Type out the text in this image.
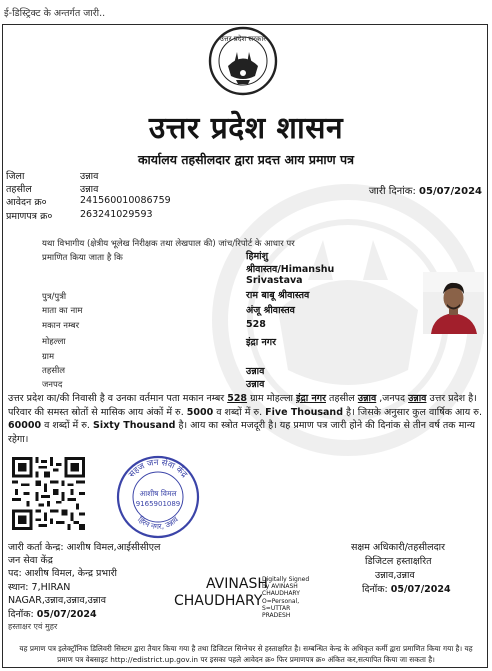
ई-डिस्ट्रिक्ट के अन्तर्गत जारी..
उत्तर प्रदेश सरकार
उत्तर प्रदेश शासन
कार्यालय तहसीलदार द्वारा प्रदत्त आय प्रमाण पत्र
जिला	उन्नाव
तहसील	उन्नाव
आवेदन क्र०	241560010086759
प्रमाणपत्र क्र०	263241029593
जारी दिनांक: 05/07/2024
यथा विभागीय (क्षेत्रीय भूलेख निरीक्षक तथा लेखपाल की) जांच/रिपोर्ट के आधार पर
प्रमाणित किया जाता है कि	हिमांशु
श्रीवास्तव/Himanshu
Srivastava
पुत्र/पुत्री	राम बाबू श्रीवास्तव
माता का नाम	अंजू श्रीवास्तव
मकान नम्बर	528
मोहल्ला	इंद्रा नगर
ग्राम
तहसील	उन्नाव
जनपद	उन्नाव
उत्तर प्रदेश का/की निवासी है व उनका वर्तमान पता मकान नम्बर 528 ग्राम मोहल्ला इंद्रा नगर तहसील उन्नाव ,जनपद उन्नाव उत्तर प्रदेश है। परिवार की समस्त स्रोतों से मासिक आय अंकों में रु. 5000 व शब्दों में रु. Five Thousand है। जिसके अनुसार कुल वार्षिक आय रु. 60000 व शब्दों में रु. Sixty Thousand है। आय का स्त्रोत मजदूरी है। यह प्रमाण पत्र जारी होने की दिनांक से तीन वर्ष तक मान्य रहेगा।
सहज जन सेवा केंद्र
हिरन नगर, उन्नाव
आशीष विमल
9165901089
जारी कर्ता केन्द्र: आशीष विमल,आईसीसीएल
जन सेवा केंद्र
पद: आशीष विमल, केन्द्र प्रभारी
स्थान: 7,HIRAN
NAGAR,उन्नाव,उन्नाव,उन्नाव
दिनॉक: 05/07/2024
हस्ताक्षर एवं मुहर
AVINASH
CHAUDHARY
Digitally Signed
by AVINASH
CHAUDHARY
O=Personal,
S=UTTAR
PRADESH
सक्षम अधिकारी/तहसीलदार
डिजिटल हस्ताक्षरित
उन्नाव,उन्नाव
दिनॉक: 05/07/2024
यह प्रमाण पत्र इलेक्ट्रॉनिक डिलिवरी सिस्टम द्वारा तैयार किया गया है तथा डिजिटल सिग्नेचर से हस्ताक्षरित है। सम्बन्धित केन्द्र के अधिकृत कर्मी द्वारा प्रमाणित किया गया है। यह
प्रमाण पत्र वेबसाइट http://edistrict.up.gov.in पर इसका पहले आवेदन क्र० फिर प्रमाणपत्र क्र० अंकित कर,सत्यापित किया जा सकता है।
